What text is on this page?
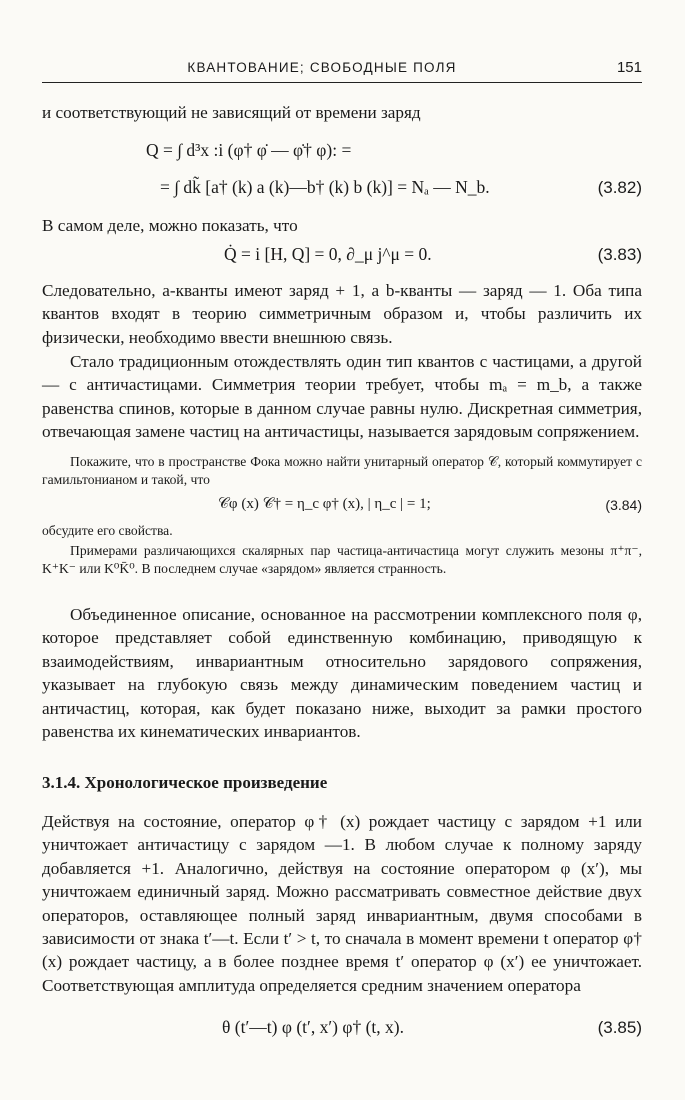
КВАНТОВАНИЕ; СВОБОДНЫЕ ПОЛЯ	151

и соответствующий не зависящий от времени заряд

Q = ∫ d³x :i (φ† φ̇ — φ̇† φ): =
= ∫ dk̃ [a† (k) a (k)—b† (k) b (k)] = Nₐ — N_b.	(3.82)

В самом деле, можно показать, что

Q̇ = i [H, Q] = 0, ∂_μ j^μ = 0.	(3.83)

Следовательно, a-кванты имеют заряд + 1, а b-кванты — заряд — 1. Оба типа квантов входят в теорию симметричным образом и, чтобы различить их физически, необходимо ввести внешнюю связь.

Стало традиционным отождествлять один тип квантов с частицами, а другой — с античастицами. Симметрия теории требует, чтобы mₐ = m_b, а также равенства спинов, которые в данном случае равны нулю. Дискретная симметрия, отвечающая замене частиц на античастицы, называется зарядовым сопряжением.

Покажите, что в пространстве Фока можно найти унитарный оператор 𝒞, который коммутирует с гамильтонианом и такой, что

𝒞φ (x) 𝒞† = η_c φ† (x), | η_c | = 1;	(3.84)

обсудите его свойства.

Примерами различающихся скалярных пар частица-античастица могут служить мезоны π⁺π⁻, K⁺K⁻ или K⁰K̄⁰. В последнем случае «зарядом» является странность.

Объединенное описание, основанное на рассмотрении комплексного поля φ, которое представляет собой единственную комбинацию, приводящую к взаимодействиям, инвариантным относительно зарядового сопряжения, указывает на глубокую связь между динамическим поведением частиц и античастиц, которая, как будет показано ниже, выходит за рамки простого равенства их кинематических инвариантов.

3.1.4. Хронологическое произведение

Действуя на состояние, оператор φ† (x) рождает частицу с зарядом +1 или уничтожает античастицу с зарядом —1. В любом случае к полному заряду добавляется +1. Аналогично, действуя на состояние оператором φ (x′), мы уничтожаем единичный заряд. Можно рассматривать совместное действие двух операторов, оставляющее полный заряд инвариантным, двумя способами в зависимости от знака t′—t. Если t′ > t, то сначала в момент времени t оператор φ† (x) рождает частицу, а в более позднее время t′ оператор φ (x′) ее уничтожает. Соответствующая амплитуда определяется средним значением оператора

θ (t′—t) φ (t′, x′) φ† (t, x).	(3.85)
